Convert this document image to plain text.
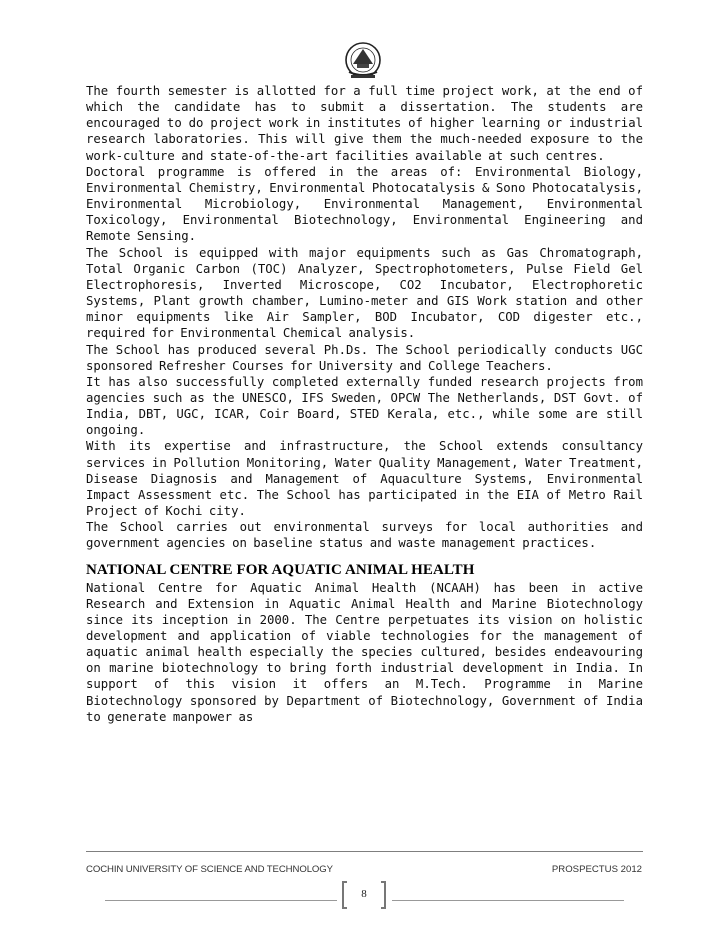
The fourth semester is allotted for a full time project work, at the end of which the candidate has to submit a dissertation. The students are encouraged to do project work in institutes of higher learning or industrial research laboratories. This will give them the much-needed exposure to the work-culture and state-of-the-art facilities available at such centres.

Doctoral programme is offered in the areas of: Environmental Biology, Environmental Chemistry, Environmental Photocatalysis & Sono Photocatalysis, Environmental Microbiology, Environmental Management, Environmental Toxicology, Environmental Biotechnology, Environmental Engineering and Remote Sensing.

The School is equipped with major equipments such as Gas Chromatograph, Total Organic Carbon (TOC) Analyzer, Spectrophotometers, Pulse Field Gel Electrophoresis, Inverted Microscope, CO2 Incubator, Electrophoretic Systems, Plant growth chamber, Lumino-meter and GIS Work station and other minor equipments like Air Sampler, BOD Incubator, COD digester etc., required for Environmental Chemical analysis.

The School has produced several Ph.Ds. The School periodically conducts UGC sponsored Refresher Courses for University and College Teachers.

It has also successfully completed externally funded research projects from agencies such as the UNESCO, IFS Sweden, OPCW The Netherlands, DST Govt. of India, DBT, UGC, ICAR, Coir Board, STED Kerala, etc., while some are still ongoing.

With its expertise and infrastructure, the School extends consultancy services in Pollution Monitoring, Water Quality Management, Water Treatment, Disease Diagnosis and Management of Aquaculture Systems, Environmental Impact Assessment etc. The School has participated in the EIA of Metro Rail Project of Kochi city.

The School carries out environmental surveys for local authorities and government agencies on baseline status and waste management practices.

NATIONAL CENTRE FOR AQUATIC ANIMAL HEALTH

National Centre for Aquatic Animal Health (NCAAH) has been in active Research and Extension in Aquatic Animal Health and Marine Biotechnology since its inception in 2000. The Centre perpetuates its vision on holistic development and application of viable technologies for the management of aquatic animal health especially the species cultured, besides endeavouring on marine biotechnology to bring forth industrial development in India. In support of this vision it offers an M.Tech. Programme in Marine Biotechnology sponsored by Department of Biotechnology, Government of India to generate manpower as

COCHIN UNIVERSITY OF SCIENCE AND TECHNOLOGY	PROSPECTUS 2012
8
